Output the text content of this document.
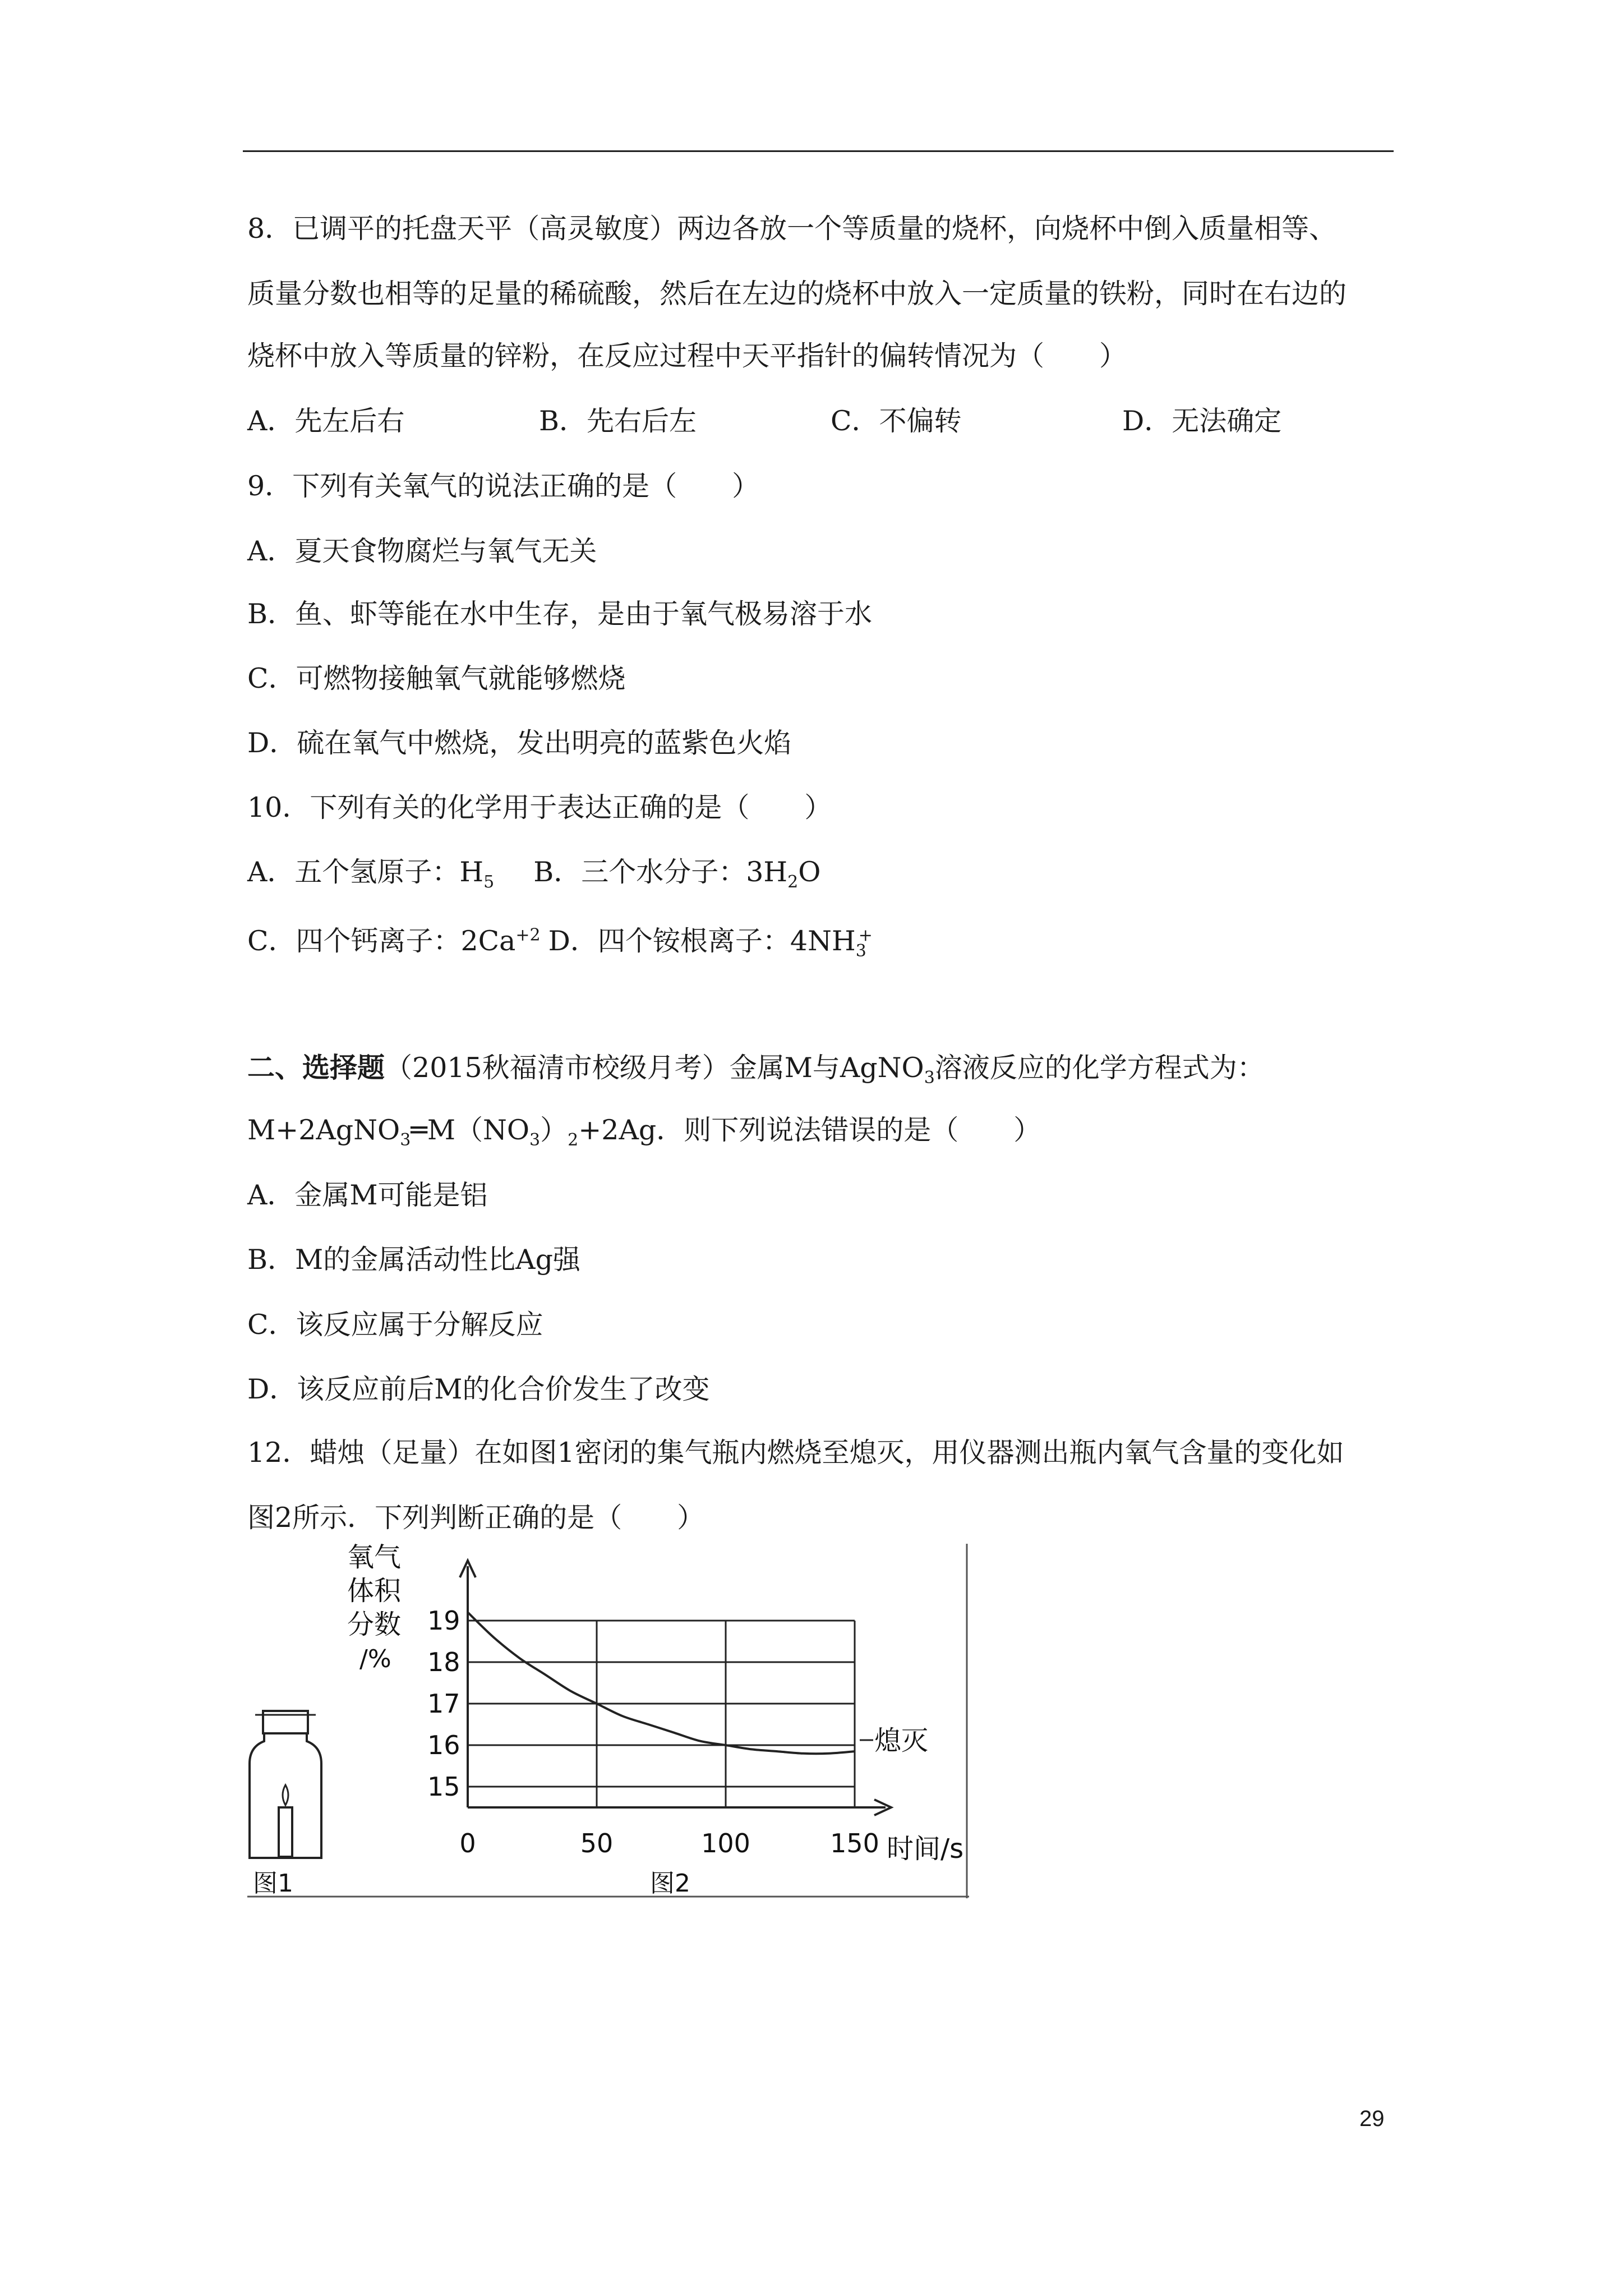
8．已调平的托盘天平（高灵敏度）两边各放一个等质量的烧杯，向烧杯中倒入质量相等、
质量分数也相等的足量的稀硫酸，然后在左边的烧杯中放入一定质量的铁粉，同时在右边的
烧杯中放入等质量的锌粉，在反应过程中天平指针的偏转情况为（　　）
A．先左后右	B．先右后左	C．不偏转	D．无法确定
9．下列有关氧气的说法正确的是（　　）
A．夏天食物腐烂与氧气无关
B．鱼、虾等能在水中生存，是由于氧气极易溶于水
C．可燃物接触氧气就能够燃烧
D．硫在氧气中燃烧，发出明亮的蓝紫色火焰
10．下列有关的化学用于表达正确的是（　　）
A．五个氢原子：$H_5$ B．三个水分子：$3H_2O$
C．四个钙离子：$2Ca^{+2}$ D．四个铵根离子：$4NH_3^+$
二、选择题（2015秋福清市校级月考）金属M与AgNO$_3$溶液反应的化学方程式为：
$M+2AgNO_3═M(NO_3)_2+2Ag$．则下列说法错误的是（　　）
A．金属M可能是铝
B．M的金属活动性比Ag强
C．该反应属于分解反应
D．该反应前后M的化合价发生了改变
12．蜡烛（足量）在如图1密闭的集气瓶内燃烧至熄灭，用仪器测出瓶内氧气含量的变化如
图2所示．下列判断正确的是（　　）
15
16
17
18
19
0	50	100	150
氧气
体积
分数
/%
时间/s
熄灭
图1	图2
29
